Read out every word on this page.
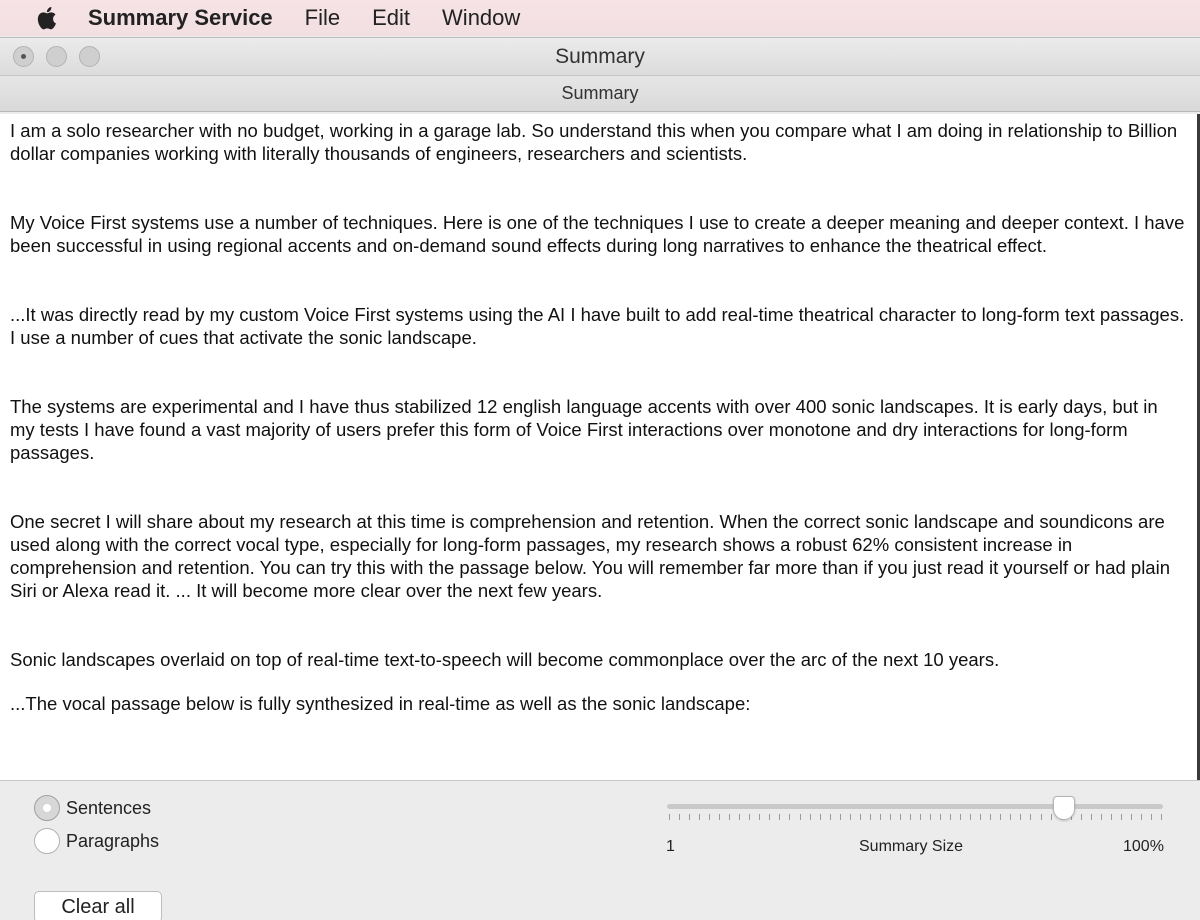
Summary Service File Edit Window
Summary
Summary

I am a solo researcher with no budget, working in a garage lab. So understand this when you compare what I am doing in relationship to Billion dollar companies working with literally thousands of engineers, researchers and scientists.

My Voice First systems use a number of techniques. Here is one of the techniques I use to create a deeper meaning and deeper context. I have been successful in using regional accents and on-demand sound effects during long narratives to enhance the theatrical effect.

...It was directly read by my custom Voice First systems using the AI I have built to add real-time theatrical character to long-form text passages. I use a number of cues that activate the sonic landscape.

The systems are experimental and I have thus stabilized 12 english language accents with over 400 sonic landscapes. It is early days, but in my tests I have found a vast majority of users prefer this form of Voice First interactions over monotone and dry interactions for long-form passages.

One secret I will share about my research at this time is comprehension and retention. When the correct sonic landscape and soundicons are used along with the correct vocal type, especially for long-form passages, my research shows a robust 62% consistent increase in comprehension and retention. You can try this with the passage below. You will remember far more than if you just read it yourself or had plain Siri or Alexa read it. ... It will become more clear over the next few years.

Sonic landscapes overlaid on top of real-time text-to-speech will become commonplace over the arc of the next 10 years.

...The vocal passage below is fully synthesized in real-time as well as the sonic landscape:

Sentences
Paragraphs
Clear all
1	Summary Size	100%
